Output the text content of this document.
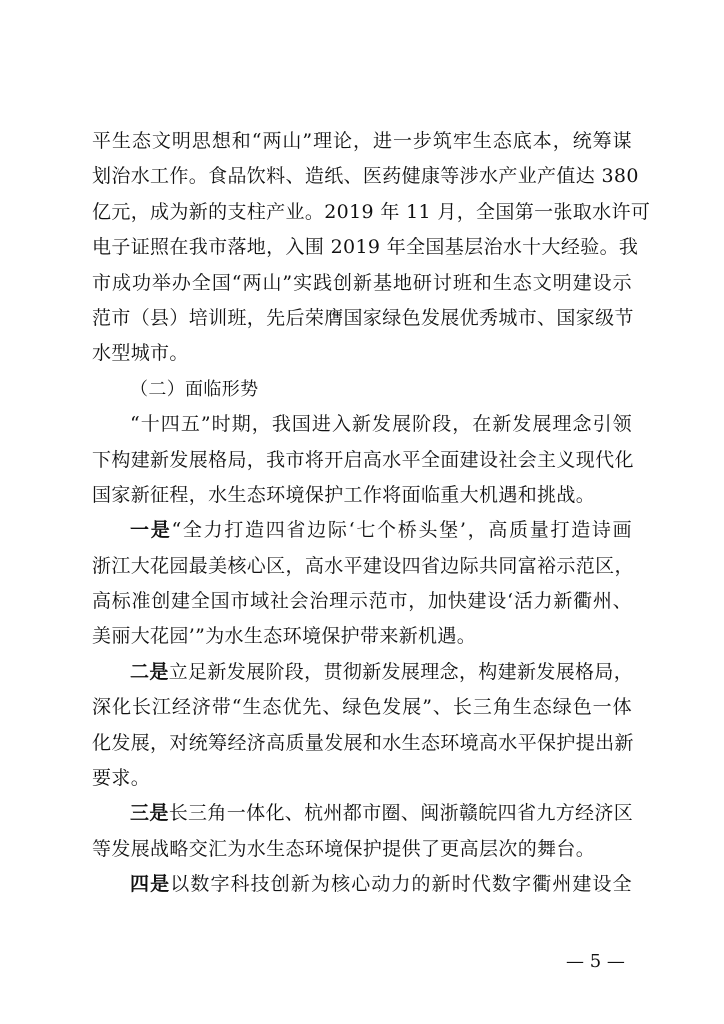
平生态文明思想和“两山”理论，进一步筑牢生态底本，统筹谋
划治水工作。食品饮料、造纸、医药健康等涉水产业产值达 380
亿元，成为新的支柱产业。2019 年 11 月，全国第一张取水许可
电子证照在我市落地，入围 2019 年全国基层治水十大经验。我
市成功举办全国“两山”实践创新基地研讨班和生态文明建设示
范市（县）培训班，先后荣膺国家绿色发展优秀城市、国家级节
水型城市。
（二）面临形势
“十四五”时期，我国进入新发展阶段，在新发展理念引领
下构建新发展格局，我市将开启高水平全面建设社会主义现代化
国家新征程，水生态环境保护工作将面临重大机遇和挑战。
一是“全力打造四省边际‘七个桥头堡’，高质量打造诗画
浙江大花园最美核心区，高水平建设四省边际共同富裕示范区，
高标准创建全国市域社会治理示范市，加快建设‘活力新衢州、
美丽大花园’”为水生态环境保护带来新机遇。
二是立足新发展阶段，贯彻新发展理念，构建新发展格局，
深化长江经济带“生态优先、绿色发展”、长三角生态绿色一体
化发展，对统筹经济高质量发展和水生态环境高水平保护提出新
要求。
三是长三角一体化、杭州都市圈、闽浙赣皖四省九方经济区
等发展战略交汇为水生态环境保护提供了更高层次的舞台。
四是以数字科技创新为核心动力的新时代数字衢州建设全
— 5 —
